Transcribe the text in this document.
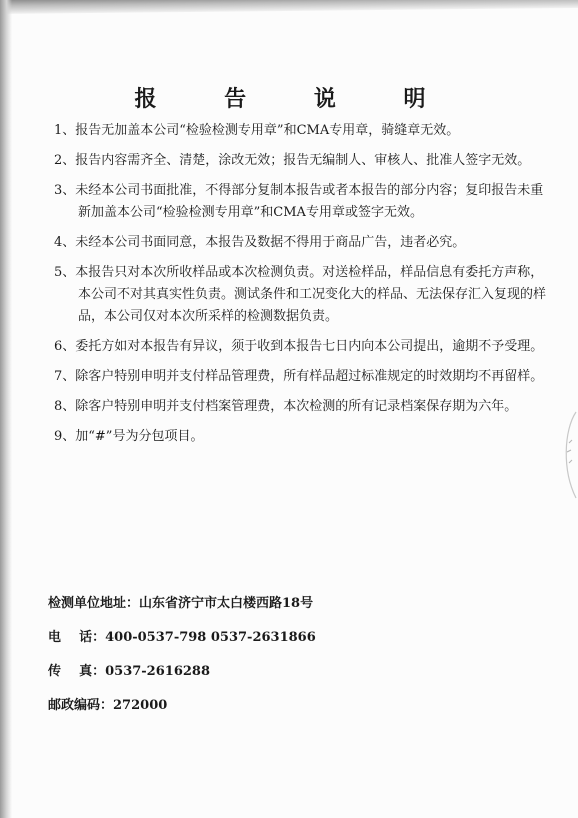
报 告 说 明
1、报告无加盖本公司“检验检测专用章”和CMA专用章，骑缝章无效。
2、报告内容需齐全、清楚，涂改无效；报告无编制人、审核人、批准人签字无效。
3、未经本公司书面批准，不得部分复制本报告或者本报告的部分内容；复印报告未重新加盖本公司“检验检测专用章”和CMA专用章或签字无效。
4、未经本公司书面同意，本报告及数据不得用于商品广告，违者必究。
5、本报告只对本次所收样品或本次检测负责。对送检样品，样品信息有委托方声称，本公司不对其真实性负责。测试条件和工况变化大的样品、无法保存汇入复现的样品，本公司仅对本次所采样的检测数据负责。
6、委托方如对本报告有异议，须于收到本报告七日内向本公司提出，逾期不予受理。
7、除客户特别申明并支付样品管理费，所有样品超过标准规定的时效期均不再留样。
8、除客户特别申明并支付档案管理费，本次检测的所有记录档案保存期为六年。
9、加“#”号为分包项目。
检测单位地址：山东省济宁市太白楼西路18号
电    话：400-0537-798 0537-2631866
传    真：0537-2616288
邮政编码：272000
